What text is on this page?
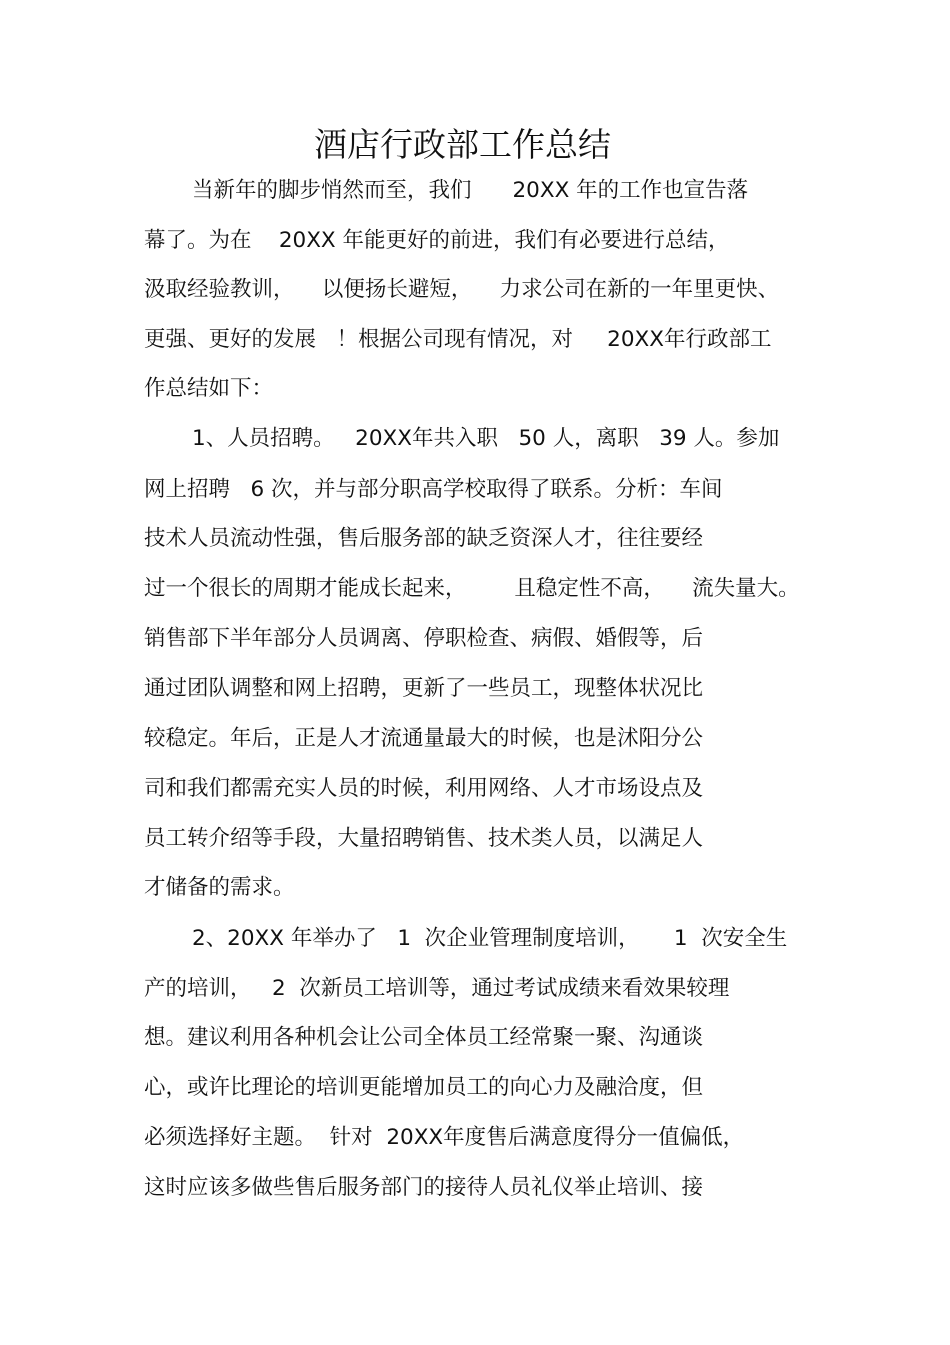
酒店行政部工作总结
当新年的脚步悄然而至，我们      20XX 年的工作也宣告落
幕了。为在    20XX 年能更好的前进，我们有必要进行总结，
汲取经验教训，    以便扬长避短，    力求公司在新的一年里更快、
更强、更好的发展   ！根据公司现有情况，对     20XX年行政部工
作总结如下：
1、人员招聘。   20XX年共入职   50 人，离职   39 人。参加
网上招聘   6 次，并与部分职高学校取得了联系。分析：车间
技术人员流动性强，售后服务部的缺乏资深人才，往往要经
过一个很长的周期才能成长起来，       且稳定性不高，    流失量大。
销售部下半年部分人员调离、停职检查、病假、婚假等，后
通过团队调整和网上招聘，更新了一些员工，现整体状况比
较稳定。年后，正是人才流通量最大的时候，也是沭阳分公
司和我们都需充实人员的时候，利用网络、人才市场设点及
员工转介绍等手段，大量招聘销售、技术类人员，以满足人
才储备的需求。
2、20XX 年举办了   1  次企业管理制度培训，     1  次安全生
产的培训，   2  次新员工培训等，通过考试成绩来看效果较理
想。建议利用各种机会让公司全体员工经常聚一聚、沟通谈
心，或许比理论的培训更能增加员工的向心力及融洽度，但
必须选择好主题。  针对  20XX年度售后满意度得分一值偏低，
这时应该多做些售后服务部门的接待人员礼仪举止培训、接
